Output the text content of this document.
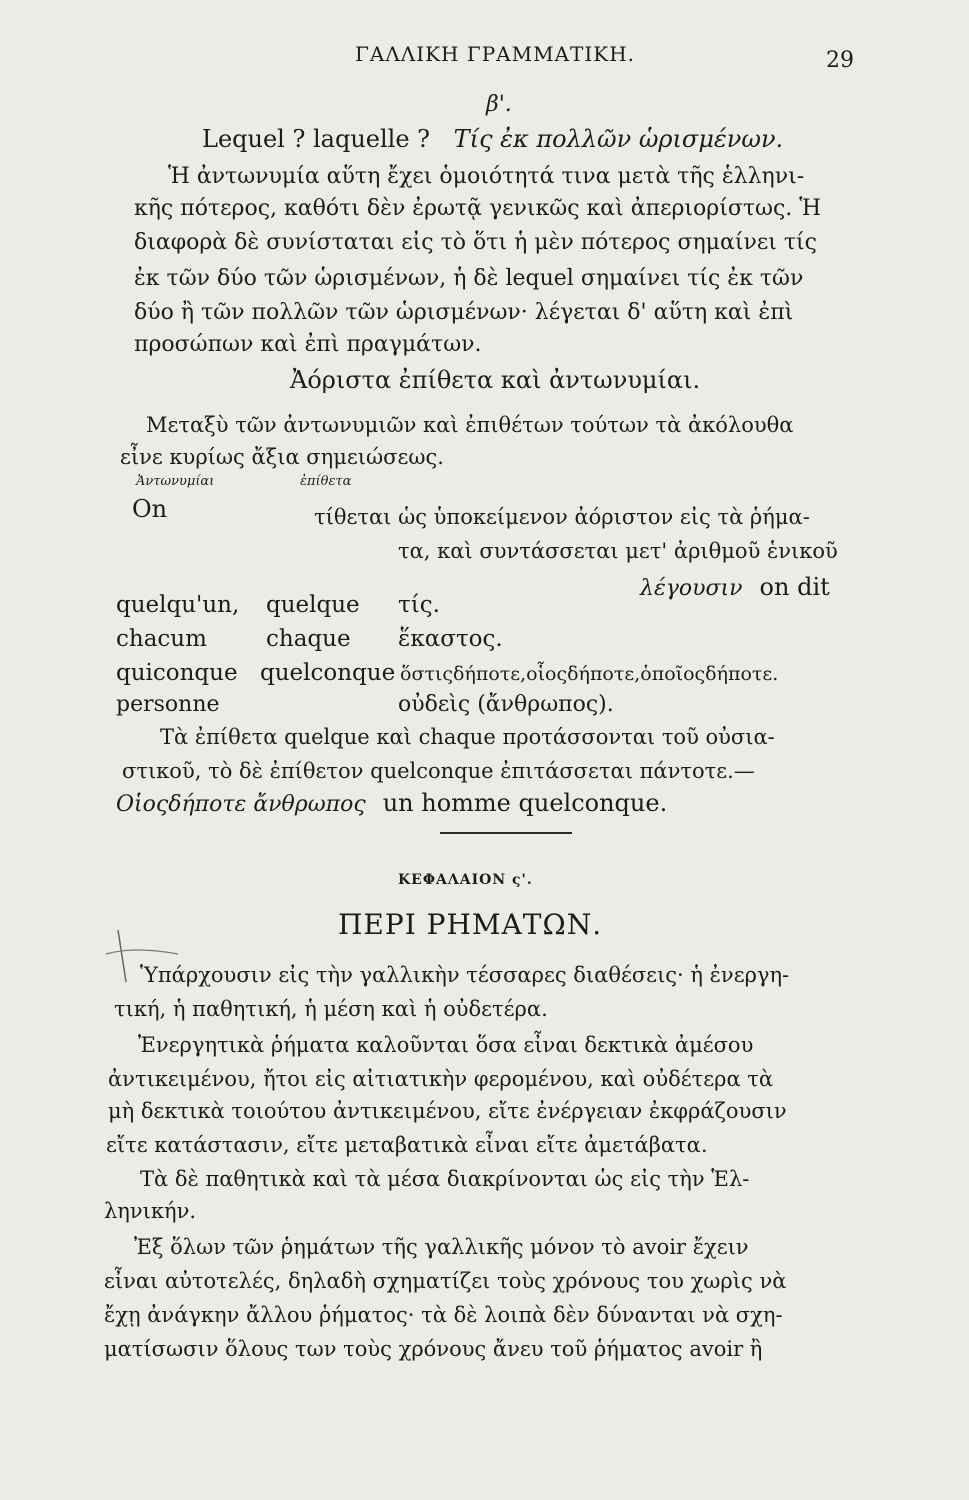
ΓΑΛΛΙΚΗ ΓΡΑΜΜΑΤΙΚΗ.	29
β'.
Lequel ? laquelle ? Τίς ἐκ πολλῶν ὡρισμένων.
Ἡ ἀντωνυμία αὕτη ἔχει ὁμοιότητά τινα μετὰ τῆς ἑλληνι-
κῆς πότερος, καθότι δὲν ἐρωτᾷ γενικῶς καὶ ἀπεριορίστως. Ἡ
διαφορὰ δὲ συνίσταται εἰς τὸ ὅτι ἡ μὲν πότερος σημαίνει τίς
ἐκ τῶν δύο τῶν ὡρισμένων, ἡ δὲ lequel σημαίνει τίς ἐκ τῶν
δύο ἢ τῶν πολλῶν τῶν ὡρισμένων· λέγεται δ' αὕτη καὶ ἐπὶ
προσώπων καὶ ἐπὶ πραγμάτων.
Ἀόριστα ἐπίθετα καὶ ἀντωνυμίαι.
Μεταξὺ τῶν ἀντωνυμιῶν καὶ ἐπιθέτων τούτων τὰ ἀκόλουθα
εἶνε κυρίως ἄξια σημειώσεως.
Ἀντωνυμίαι	ἐπίθετα
On	τίθεται ὡς ὑποκείμενον ἀόριστον εἰς τὰ ῥήμα-
τα, καὶ συντάσσεται μετ' ἀριθμοῦ ἑνικοῦ
λέγουσιν on dit
quelqu'un, quelque τίς.
chacum	chaque ἕκαστος.
quiconque quelconque ὅστιςδήποτε,οἷοςδήποτε,ὁποῖοςδήποτε.
personne	οὐδεὶς (ἄνθρωπος).
Τὰ ἐπίθετα quelque καὶ chaque προτάσσονται τοῦ οὐσια-
στικοῦ, τὸ δὲ ἐπίθετον quelconque ἐπιτάσσεται πάντοτε.—
Οἱοςδήποτε ἄνθρωπος un homme quelconque.
ΚΕΦΑΛΑΙΟΝ ς'.
ΠΕΡΙ ΡΗΜΑΤΩΝ.
Ὑπάρχουσιν εἰς τὴν γαλλικὴν τέσσαρες διαθέσεις· ἡ ἐνεργη-
τική, ἡ παθητική, ἡ μέση καὶ ἡ οὐδετέρα.
Ἐνεργητικὰ ῥήματα καλοῦνται ὅσα εἶναι δεκτικὰ ἀμέσου
ἀντικειμένου, ἤτοι εἰς αἰτιατικὴν φερομένου, καὶ οὐδέτερα τὰ
μὴ δεκτικὰ τοιούτου ἀντικειμένου, εἴτε ἐνέργειαν ἐκφράζουσιν
εἴτε κατάστασιν, εἴτε μεταβατικὰ εἶναι εἴτε ἀμετάβατα.
Τὰ δὲ παθητικὰ καὶ τὰ μέσα διακρίνονται ὡς εἰς τὴν Ἑλ-
ληνικήν.
Ἐξ ὅλων τῶν ῥημάτων τῆς γαλλικῆς μόνον τὸ avoir ἔχειν
εἶναι αὐτοτελές, δηλαδὴ σχηματίζει τοὺς χρόνους του χωρὶς νὰ
ἔχῃ ἀνάγκην ἄλλου ῥήματος· τὰ δὲ λοιπὰ δὲν δύνανται νὰ σχη-
ματίσωσιν ὅλους των τοὺς χρόνους ἄνευ τοῦ ῥήματος avoir ἢ
